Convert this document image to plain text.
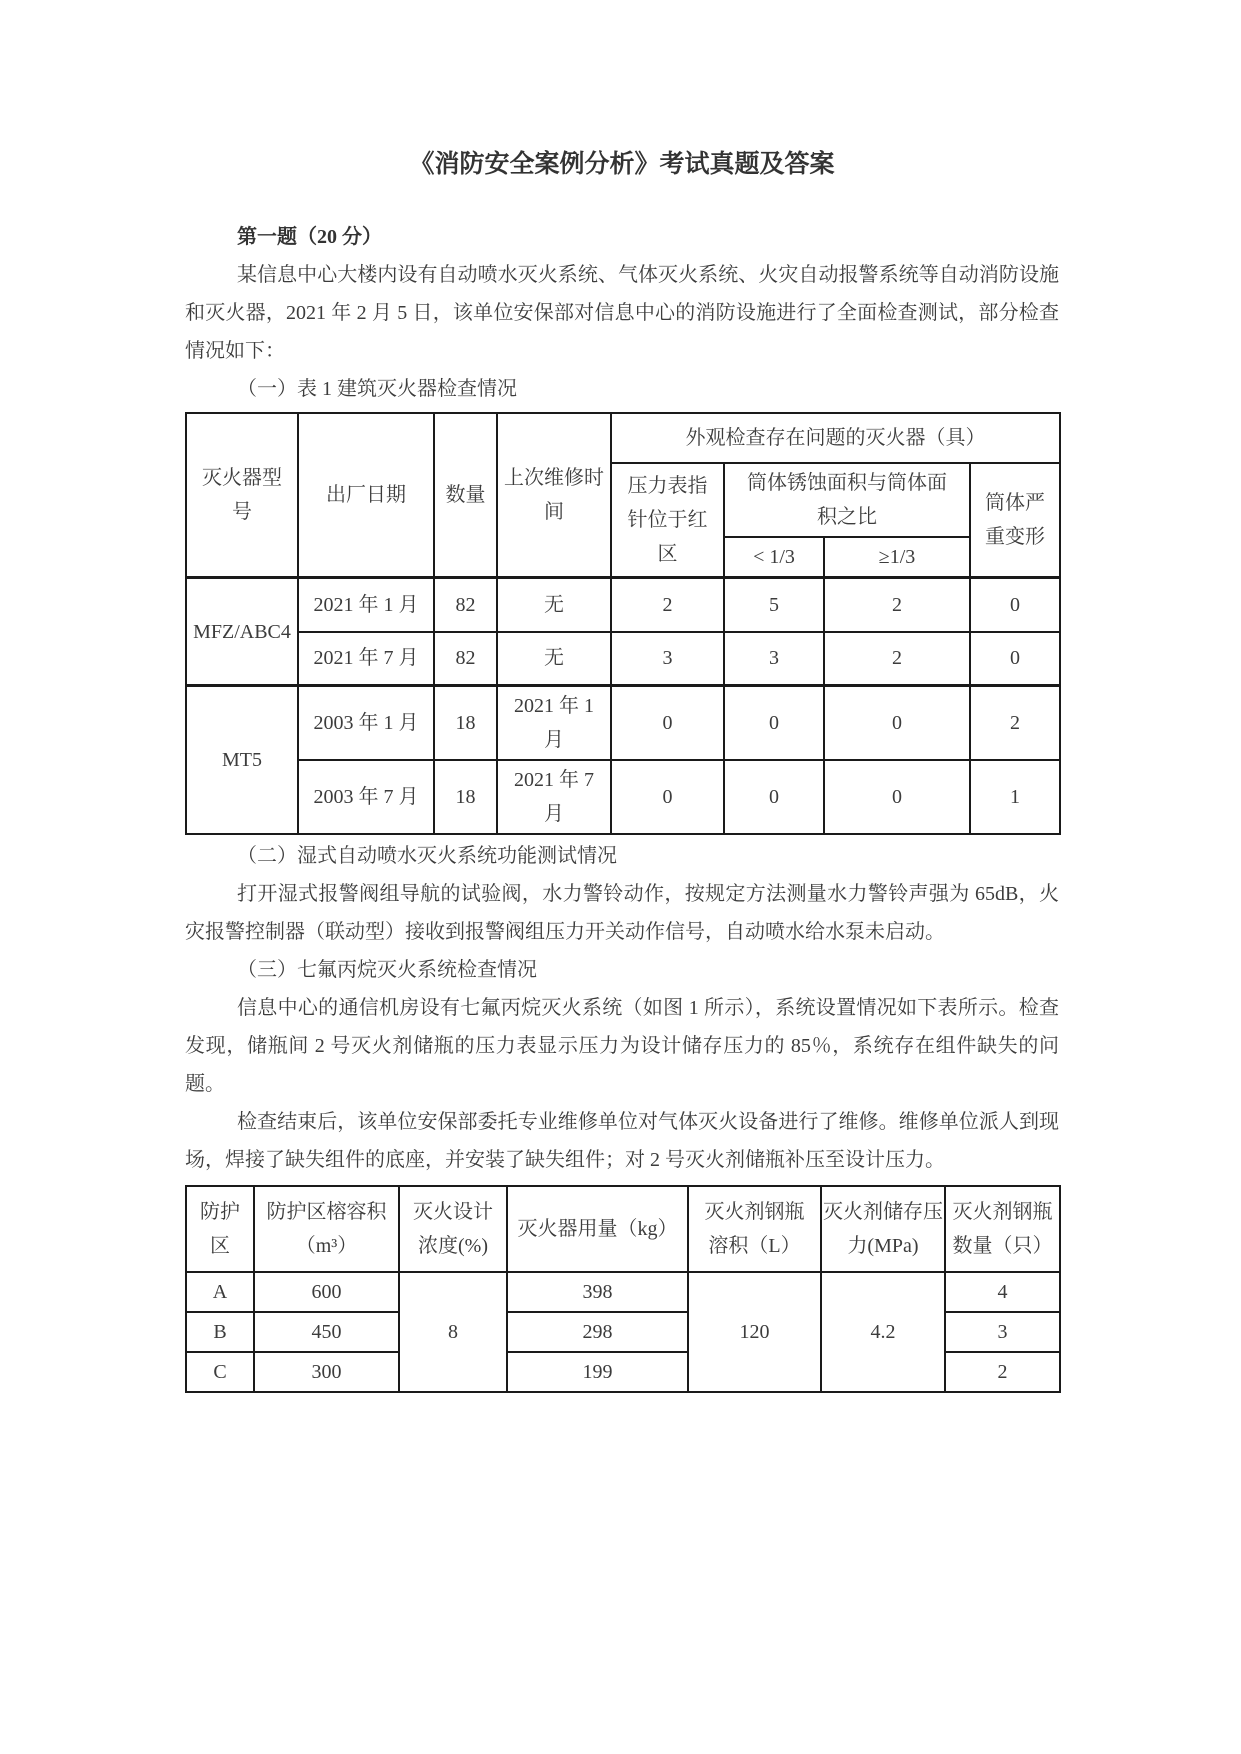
《消防安全案例分析》考试真题及答案

第一题（20 分）

某信息中心大楼内设有自动喷水灭火系统、气体灭火系统、火灾自动报警系统等自动消防设施和灭火器，2021 年 2 月 5 日，该单位安保部对信息中心的消防设施进行了全面检查测试，部分检查情况如下：

（一）表 1 建筑灭火器检查情况

灭火器型号	出厂日期	数量	上次维修时间	外观检查存在问题的灭火器（具）			
				压力表指针位于红区	筒体锈蚀面积与筒体面积之比		筒体严重变形
					< 1/3	≥1/3	
MFZ/ABC4	2021 年 1 月	82	无	2	5	2	0
	2021 年 7 月	82	无	3	3	2	0
MT5	2003 年 1 月	18	2021 年 1 月	0	0	0	2
	2003 年 7 月	18	2021 年 7 月	0	0	0	1

（二）湿式自动喷水灭火系统功能测试情况

打开湿式报警阀组导航的试验阀，水力警铃动作，按规定方法测量水力警铃声强为 65dB，火灾报警控制器（联动型）接收到报警阀组压力开关动作信号，自动喷水给水泵未启动。

（三）七氟丙烷灭火系统检查情况

信息中心的通信机房设有七氟丙烷灭火系统（如图 1 所示），系统设置情况如下表所示。检查发现，储瓶间 2 号灭火剂储瓶的压力表显示压力为设计储存压力的 85％，系统存在组件缺失的问题。

检查结束后，该单位安保部委托专业维修单位对气体灭火设备进行了维修。维修单位派人到现场，焊接了缺失组件的底座，并安装了缺失组件；对 2 号灭火剂储瓶补压至设计压力。

防护区	防护区榕容积（m³）	灭火设计浓度(%)	灭火器用量（kg）	灭火剂钢瓶溶积（L）	灭火剂储存压力(MPa)	灭火剂钢瓶数量（只）
A	600	8	398	120	4.2	4
B	450		298			3
C	300		199			2
